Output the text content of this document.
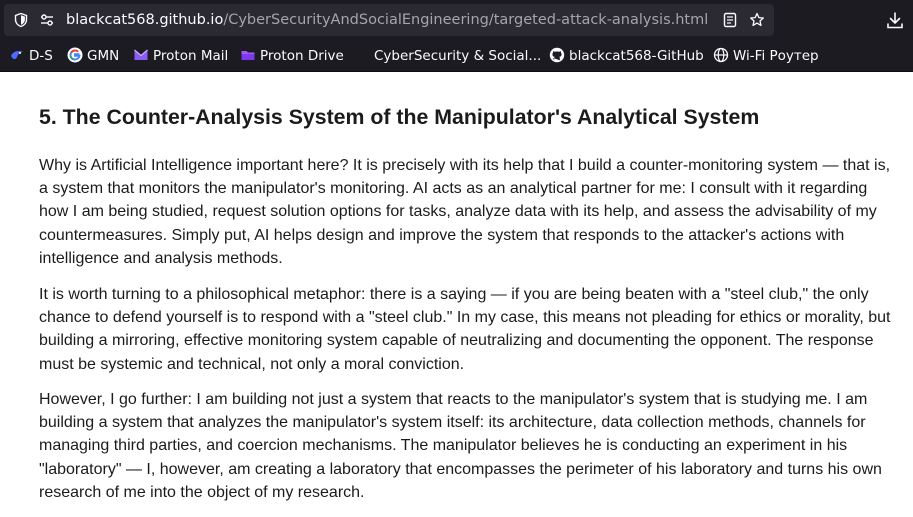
blackcat568.github.io/CyberSecurityAndSocialEngineering/targeted-attack-analysis.html
D-S	GMN	Proton Mail	Proton Drive CyberSecurity & Social...	blackcat568-GitHub	Wi-Fi Роутер
5. The Counter-Analysis System of the Manipulator's Analytical System

Why is Artificial Intelligence important here? It is precisely with its help that I build a counter-monitoring system — that is, a system that monitors the manipulator's monitoring. AI acts as an analytical partner for me: I consult with it regarding how I am being studied, request solution options for tasks, analyze data with its help, and assess the advisability of my countermeasures. Simply put, AI helps design and improve the system that responds to the attacker's actions with intelligence and analysis methods.

It is worth turning to a philosophical metaphor: there is a saying — if you are being beaten with a "steel club," the only chance to defend yourself is to respond with a "steel club." In my case, this means not pleading for ethics or morality, but building a mirroring, effective monitoring system capable of neutralizing and documenting the opponent. The response must be systemic and technical, not only a moral conviction.

However, I go further: I am building not just a system that reacts to the manipulator's system that is studying me. I am building a system that analyzes the manipulator's system itself: its architecture, data collection methods, channels for managing third parties, and coercion mechanisms. The manipulator believes he is conducting an experiment in his "laboratory" — I, however, am creating a laboratory that encompasses the perimeter of his laboratory and turns his own research of me into the object of my research.
